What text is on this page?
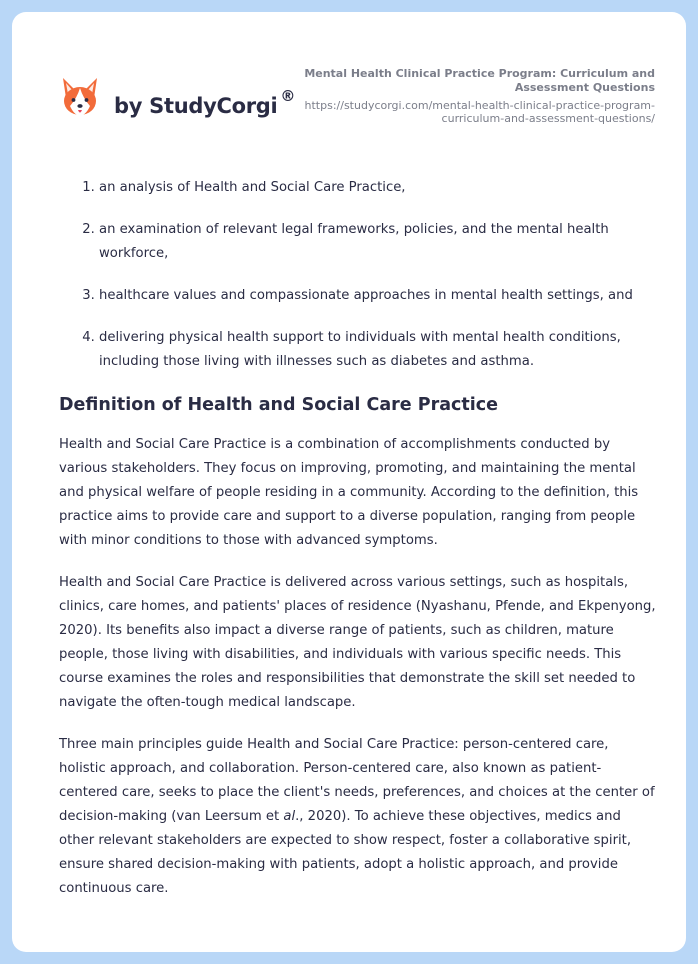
by StudyCorgi ®
Mental Health Clinical Practice Program: Curriculum and Assessment Questions
https://studycorgi.com/mental-health-clinical-practice-program-curriculum-and-assessment-questions/
1. an analysis of Health and Social Care Practice,
2. an examination of relevant legal frameworks, policies, and the mental health workforce,
3. healthcare values and compassionate approaches in mental health settings, and
4. delivering physical health support to individuals with mental health conditions, including those living with illnesses such as diabetes and asthma.
Definition of Health and Social Care Practice

Health and Social Care Practice is a combination of accomplishments conducted by various stakeholders. They focus on improving, promoting, and maintaining the mental and physical welfare of people residing in a community. According to the definition, this practice aims to provide care and support to a diverse population, ranging from people with minor conditions to those with advanced symptoms.

Health and Social Care Practice is delivered across various settings, such as hospitals, clinics, care homes, and patients' places of residence (Nyashanu, Pfende, and Ekpenyong, 2020). Its benefits also impact a diverse range of patients, such as children, mature people, those living with disabilities, and individuals with various specific needs. This course examines the roles and responsibilities that demonstrate the skill set needed to navigate the often-tough medical landscape.

Three main principles guide Health and Social Care Practice: person-centered care, holistic approach, and collaboration. Person-centered care, also known as patient-centered care, seeks to place the client's needs, preferences, and choices at the center of decision-making (van Leersum et al., 2020). To achieve these objectives, medics and other relevant stakeholders are expected to show respect, foster a collaborative spirit, ensure shared decision-making with patients, adopt a holistic approach, and provide continuous care.
